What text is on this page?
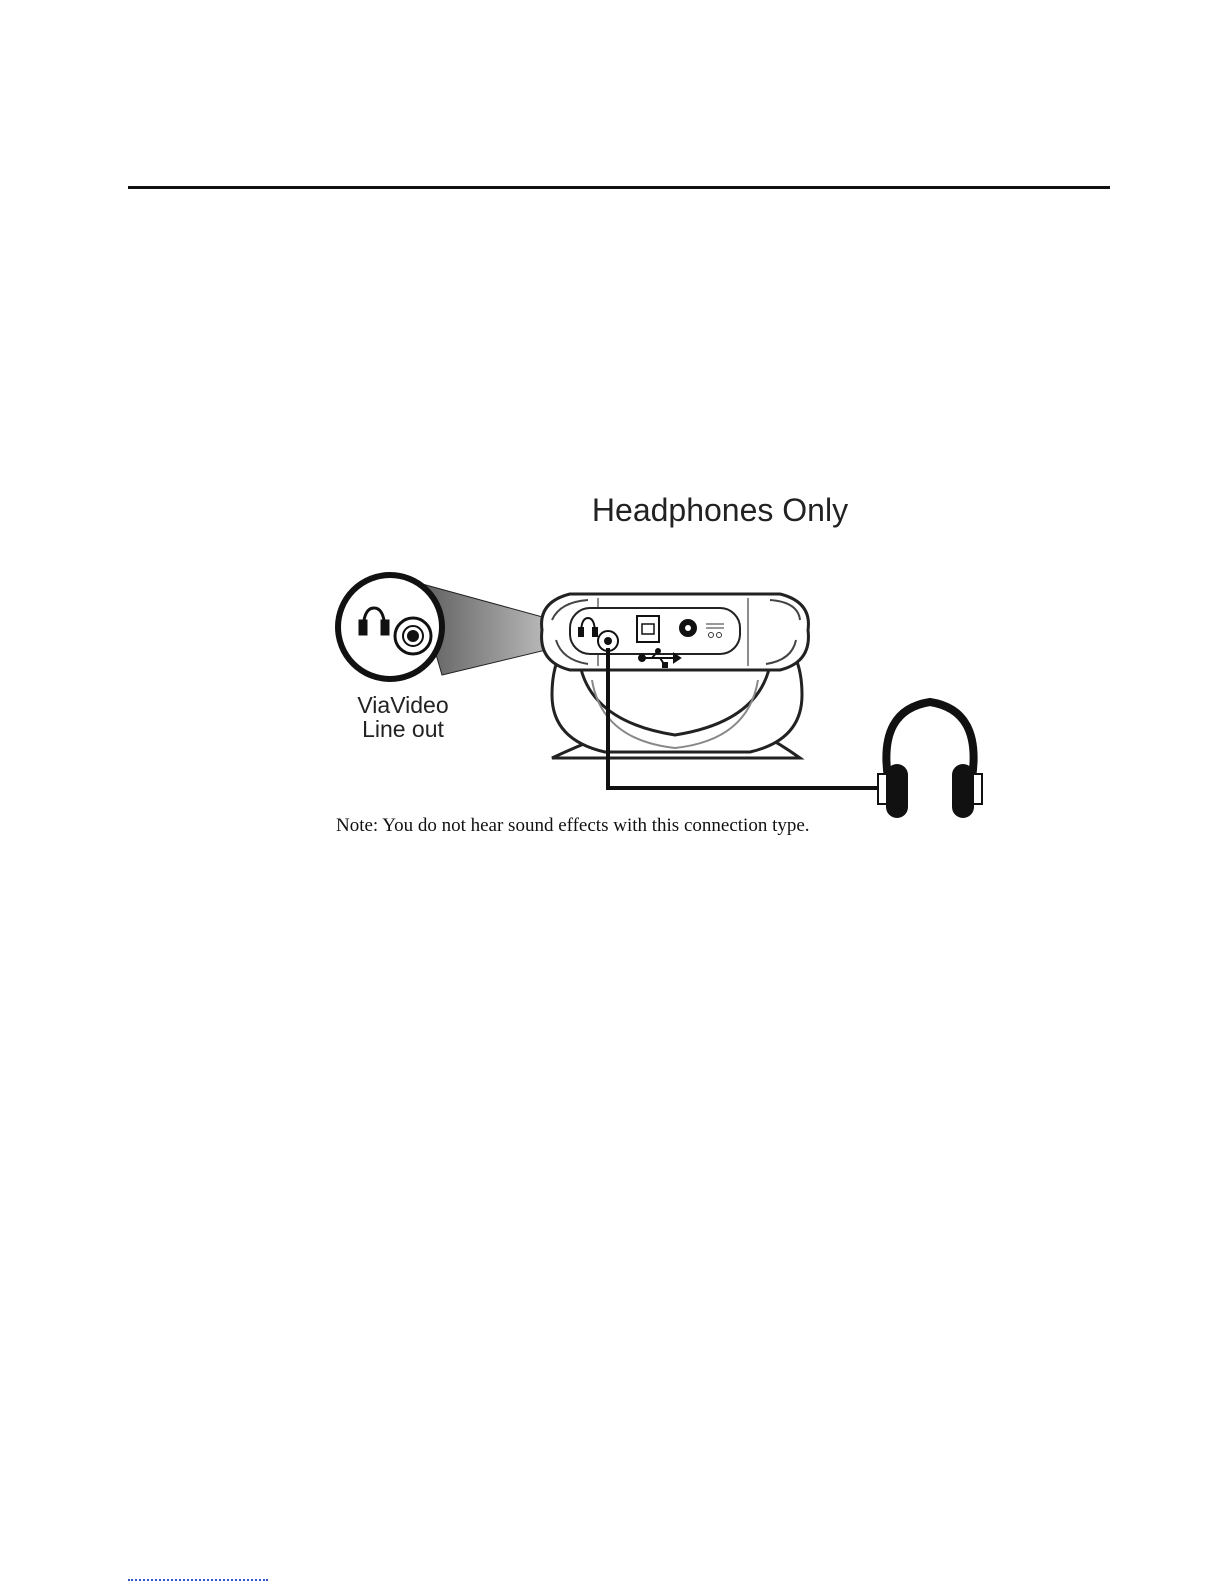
Headphones Only
ViaVideo
Line out
Note: You do not hear sound effects with this connection type.
